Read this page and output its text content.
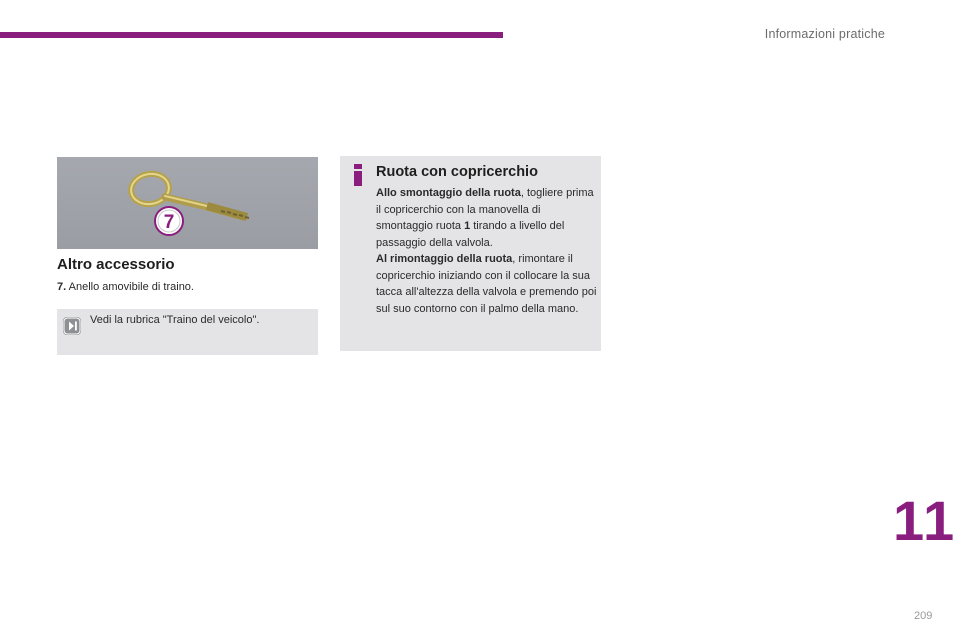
Informazioni pratiche
7
Altro accessorio
7. Anello amovibile di traino.
Vedi la rubrica "Traino del veicolo".
Ruota con copricerchio

Allo smontaggio della ruota, togliere prima il copricerchio con la manovella di smontaggio ruota 1 tirando a livello del passaggio della valvola.

Al rimontaggio della ruota, rimontare il copricerchio iniziando con il collocare la sua tacca all'altezza della valvola e premendo poi sul suo contorno con il palmo della mano.

11
209
